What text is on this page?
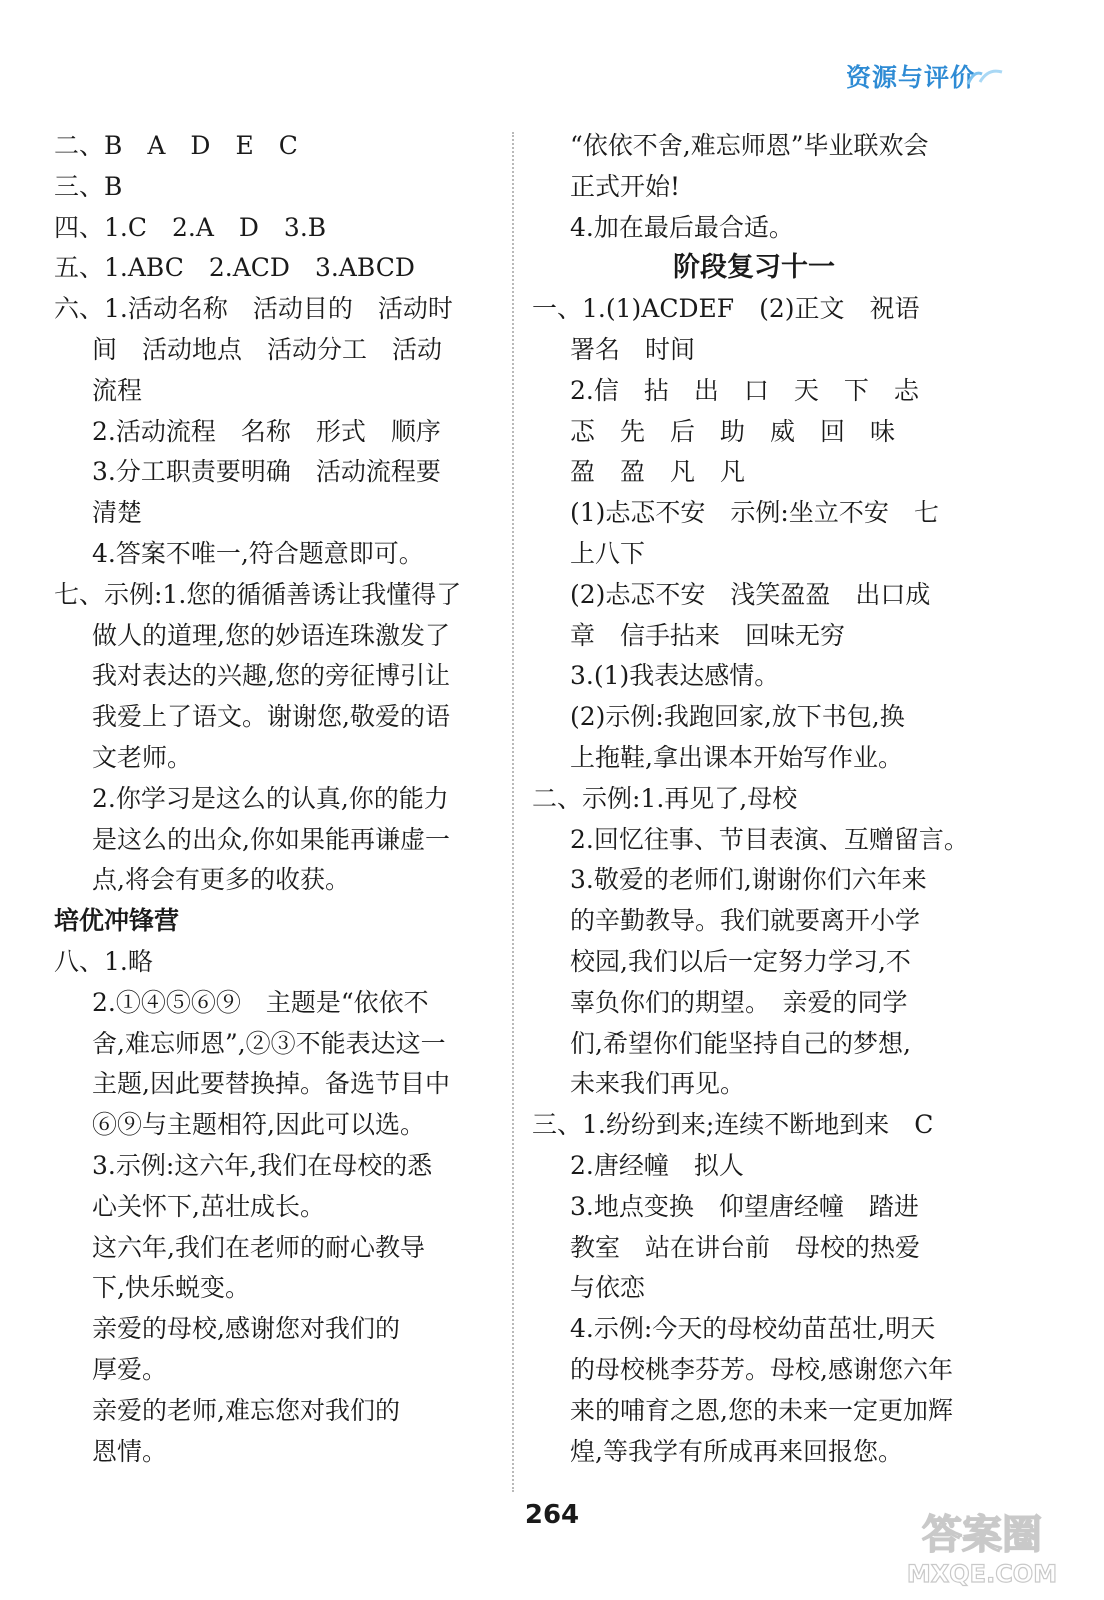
资源与评价
二、B　A　D　E　C
三、B
四、1.C　2.A　D　3.B
五、1.ABC　2.ACD　3.ABCD
六、1.活动名称　活动目的　活动时
间　活动地点　活动分工　活动
流程
2.活动流程　名称　形式　顺序
3.分工职责要明确　活动流程要
清楚
4.答案不唯一,符合题意即可。
七、示例:1.您的循循善诱让我懂得了
做人的道理,您的妙语连珠激发了
我对表达的兴趣,您的旁征博引让
我爱上了语文。谢谢您,敬爱的语
文老师。
2.你学习是这么的认真,你的能力
是这么的出众,你如果能再谦虚一
点,将会有更多的收获。
培优冲锋营
八、1.略
2.①④⑤⑥⑨　主题是“依依不
舍,难忘师恩”,②③不能表达这一
主题,因此要替换掉。备选节目中
⑥⑨与主题相符,因此可以选。
3.示例:这六年,我们在母校的悉
心关怀下,茁壮成长。
这六年,我们在老师的耐心教导
下,快乐蜕变。
亲爱的母校,感谢您对我们的
厚爱。
亲爱的老师,难忘您对我们的
恩情。
“依依不舍,难忘师恩”毕业联欢会
正式开始!
4.加在最后最合适。
阶段复习十一
一、1.(1)ACDEF　(2)正文　祝语
署名　时间
2.信　拈　出　口　天　下　忐
忑　先　后　助　威　回　味
盈　盈　凡　凡
(1)忐忑不安　示例:坐立不安　七
上八下
(2)忐忑不安　浅笑盈盈　出口成
章　信手拈来　回味无穷
3.(1)我表达感情。
(2)示例:我跑回家,放下书包,换
上拖鞋,拿出课本开始写作业。
二、示例:1.再见了,母校
2.回忆往事、节目表演、互赠留言。
3.敬爱的老师们,谢谢你们六年来
的辛勤教导。我们就要离开小学
校园,我们以后一定努力学习,不
辜负你们的期望。　亲爱的同学
们,希望你们能坚持自己的梦想,
未来我们再见。
三、1.纷纷到来;连续不断地到来　C
2.唐经幢　拟人
3.地点变换　仰望唐经幢　踏进
教室　站在讲台前　母校的热爱
与依恋
4.示例:今天的母校幼苗茁壮,明天
的母校桃李芬芳。母校,感谢您六年
来的哺育之恩,您的未来一定更加辉
煌,等我学有所成再来回报您。
264	答案圈
MXQE.COM
